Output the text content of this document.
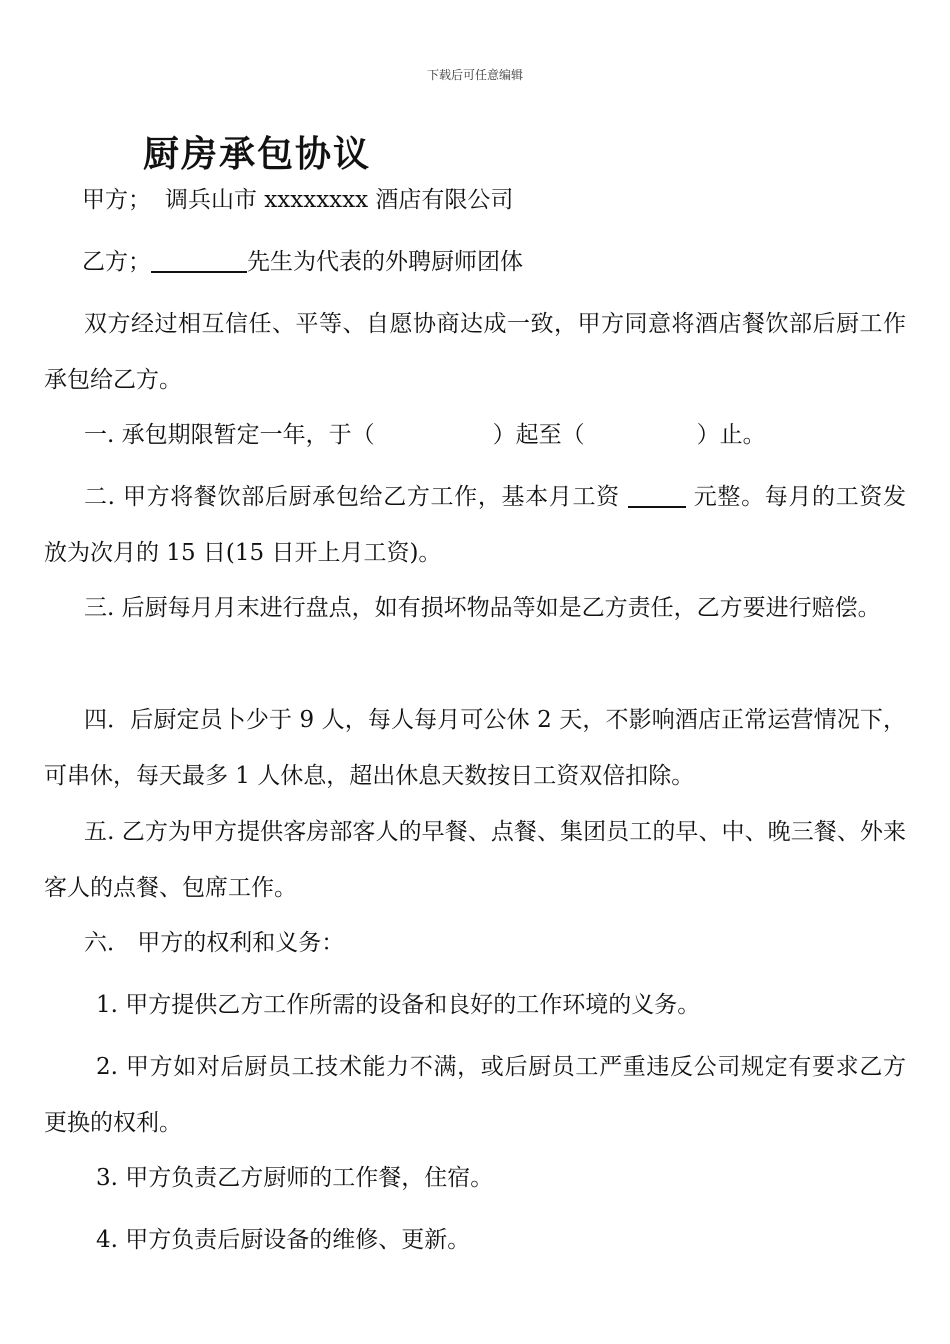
下载后可任意编辑
厨房承包协议
甲方； 调兵山市 xxxxxxxx 酒店有限公司
乙方；	先生为代表的外聘厨师团体
双方经过相互信任、平等、自愿协商达成一致，甲方同意将酒店餐饮部后厨工作承包给乙方。
一. 承包期限暂定一年，于（	）起至（	）止。
二. 甲方将餐饮部后厨承包给乙方工作，基本月工资	元整。每月的工资发放为次月的 15 日(15 日开上月工资)。
三. 后厨每月月末进行盘点，如有损坏物品等如是乙方责任，乙方要进行赔偿。
四．后厨定员卜少于 9 人，每人每月可公休 2 天，不影响酒店正常运营情况下，可串休，每天最多 1 人休息，超出休息天数按日工资双倍扣除。
五. 乙方为甲方提供客房部客人的早餐、点餐、集团员工的早、中、晚三餐、外来客人的点餐、包席工作。
六． 甲方的权利和义务：
1. 甲方提供乙方工作所需的设备和良好的工作环境的义务。
2. 甲方如对后厨员工技术能力不满，或后厨员工严重违反公司规定有要求乙方更换的权利。
3. 甲方负责乙方厨师的工作餐，住宿。
4. 甲方负责后厨设备的维修、更新。
